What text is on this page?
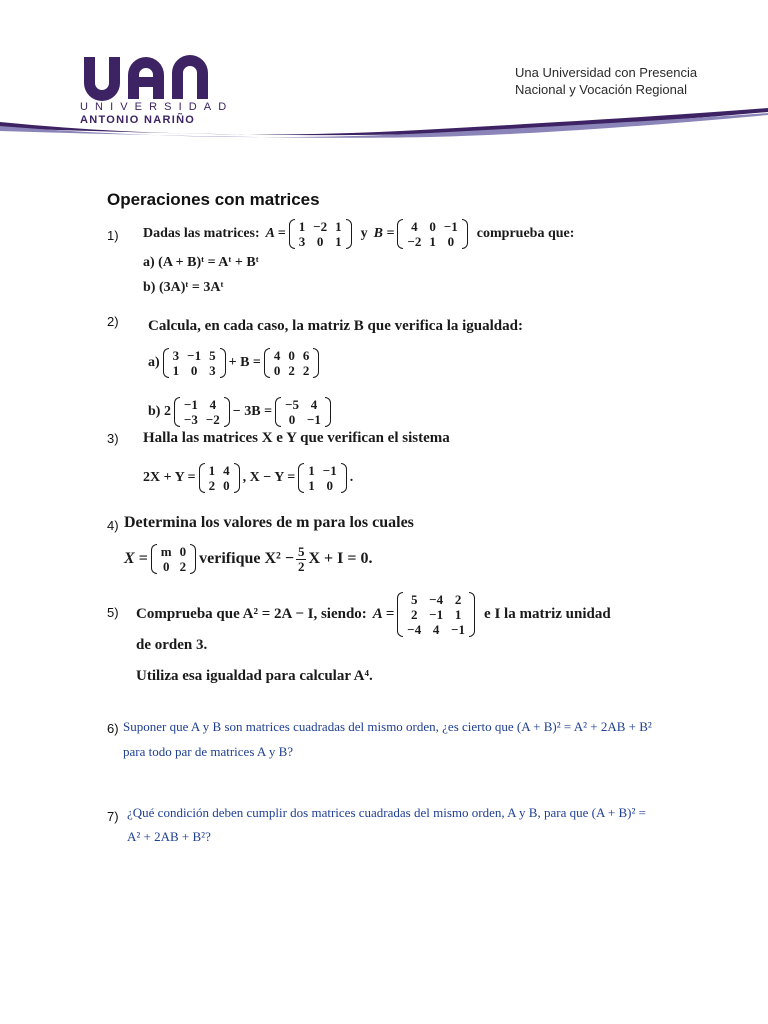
UNIVERSIDAD
ANTONIO NARIÑO
Una Universidad con Presencia
Nacional y Vocación Regional
Operaciones con matrices
1) Dadas las matrices: A = 1	−2	1
3	0	1
y B = 4	0	−1
−2	1	0
comprueba que:
a) (A + B)ᵗ = Aᵗ + Bᵗ
b) (3A)ᵗ = 3Aᵗ
2) Calcula, en cada caso, la matriz B que verifica la igualdad:
a) 3	−1	5
1	0	3
+ B = 4	0	6
0	2	2
b) 2 −1	4
−3	−2
− 3B = −5	4
0	−1
3) Halla las matrices X e Y que verifican el sistema
2X + Y = 1	4
2	0
, X − Y = 1	−1
1	0
.
4) Determina los valores de m para los cuales
X = m	0
0	2 verifique $X^2 - \frac{5}{2}$ X + I = 0.
5) Comprueba que A² = 2A − I, siendo: A =
5	−4	2
2	−1	1
−4	4	−1
e I la matriz unidad
de orden 3.
Utiliza esa igualdad para calcular A⁴.
6) Suponer que A y B son matrices cuadradas del mismo orden, ¿es cierto que (A + B)² = A² + 2AB + B²
para todo par de matrices A y B?
7) ¿Qué condición deben cumplir dos matrices cuadradas del mismo orden, A y B, para que (A + B)² =
A² + 2AB + B²?
